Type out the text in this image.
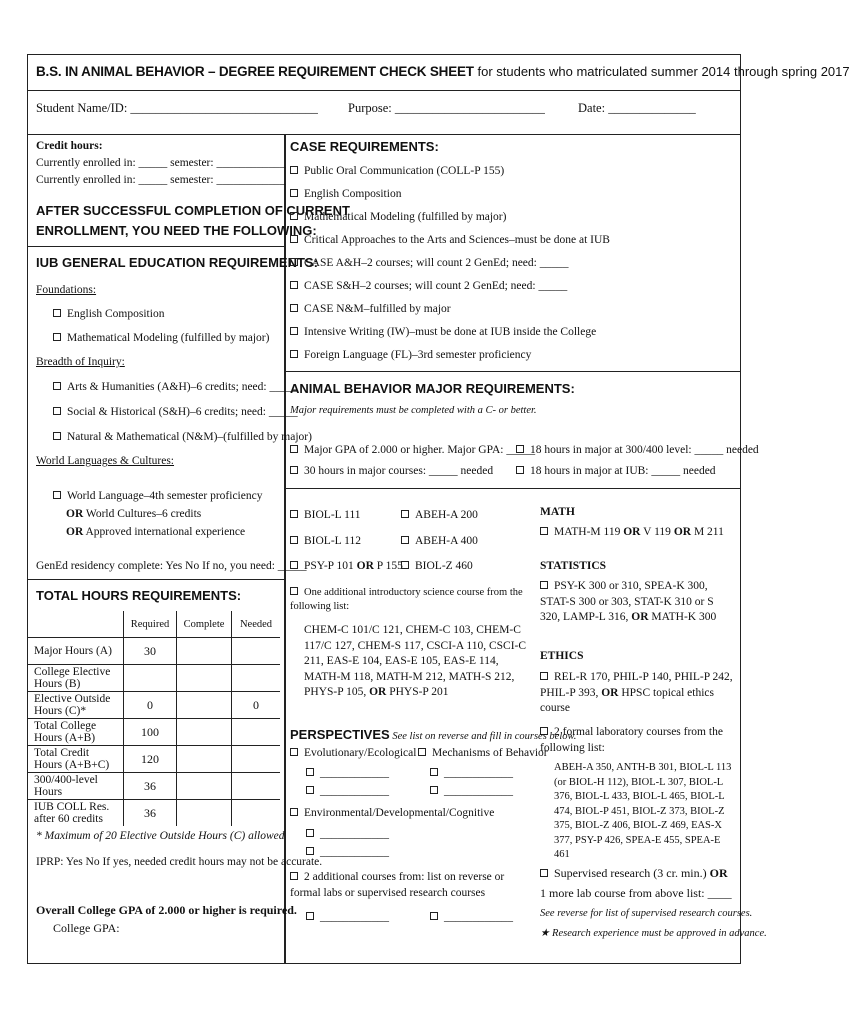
B.S. IN ANIMAL BEHAVIOR – DEGREE REQUIREMENT CHECK SHEET for students who matriculated summer 2014 through spring 2017
Student Name/ID: ______________________________ Purpose: ________________________	Date: ______________
Credit hours:
Currently enrolled in: _____ semester: ____________
Currently enrolled in: _____ semester: ____________
AFTER SUCCESSFUL COMPLETION OF CURRENT
ENROLLMENT, YOU NEED THE FOLLOWING:
IUB GENERAL EDUCATION REQUIREMENTS:
Foundations:
English Composition
Mathematical Modeling (fulfilled by major)
Breadth of Inquiry:
Arts & Humanities (A&H)–6 credits; need: _____
Social & Historical (S&H)–6 credits; need: _____
Natural & Mathematical (N&M)–(fulfilled by major)
World Languages & Cultures:
World Language–4th semester proficiency
OR World Cultures–6 credits
OR Approved international experience
GenEd residency complete: Yes No If no, you need: _____
TOTAL HOURS REQUIREMENTS:
	Required	Complete	Needed
Major Hours (A)	30		
College Elective Hours (B)			
Elective Outside Hours (C)*	0		0
Total College Hours (A+B)	100		
Total Credit Hours (A+B+C)	120		
300/400-level Hours	36		
IUB COLL Res. after 60 credits	36		
* Maximum of 20 Elective Outside Hours (C) allowed
IPRP: Yes No If yes, needed credit hours may not be accurate.
Overall College GPA of 2.000 or higher is required.
College GPA:
CASE REQUIREMENTS:
Public Oral Communication (COLL-P 155)
English Composition
Mathematical Modeling (fulfilled by major)
Critical Approaches to the Arts and Sciences–must be done at IUB
CASE A&H–2 courses; will count 2 GenEd; need: _____
CASE S&H–2 courses; will count 2 GenEd; need: _____
CASE N&M–fulfilled by major
Intensive Writing (IW)–must be done at IUB inside the College
Foreign Language (FL)–3rd semester proficiency
ANIMAL BEHAVIOR MAJOR REQUIREMENTS:
Major requirements must be completed with a C- or better.
Major GPA of 2.000 or higher. Major GPA: _____
30 hours in major courses: _____ needed
18 hours in major at 300/400 level: _____ needed
18 hours in major at IUB: _____ needed
BIOL-L 111	ABEH-A 200
BIOL-L 112	ABEH-A 400
PSY-P 101 OR P 155	BIOL-Z 460
One additional introductory science course from the following list:
CHEM-C 101/C 121, CHEM-C 103, CHEM-C 117/C 127, CHEM-S 117, CSCI-A 110, CSCI-C 211, EAS-E 104, EAS-E 105, EAS-E 114, MATH-M 118, MATH-M 212, MATH-S 212, PHYS-P 105, OR PHYS-P 201
MATH
MATH-M 119 OR V 119 OR M 211
STATISTICS
PSY-K 300 or 310, SPEA-K 300, STAT-S 300 or 303, STAT-K 310 or S 320, LAMP-L 316, OR MATH-K 300
ETHICS
REL-R 170, PHIL-P 140, PHIL-P 242, PHIL-P 393, OR HPSC topical ethics course
2 formal laboratory courses from the following list:
ABEH-A 350, ANTH-B 301, BIOL-L 113 (or BIOL-H 112), BIOL-L 307, BIOL-L 376, BIOL-L 433, BIOL-L 465, BIOL-L 474, BIOL-P 451, BIOL-Z 373, BIOL-Z 375, BIOL-Z 406, BIOL-Z 469, EAS-X 377, PSY-P 426, SPEA-E 455, SPEA-E 461
PERSPECTIVES See list on reverse and fill in courses below.
Evolutionary/Ecological	Mechanisms of Behavior
____________	____________
____________	____________
Environmental/Developmental/Cognitive
____________
____________
2 additional courses from: list on reverse or formal labs or supervised research courses
____________	____________
Supervised research (3 cr. min.) OR
1 more lab course from above list: ____
See reverse for list of supervised research courses.
★ Research experience must be approved in advance.
